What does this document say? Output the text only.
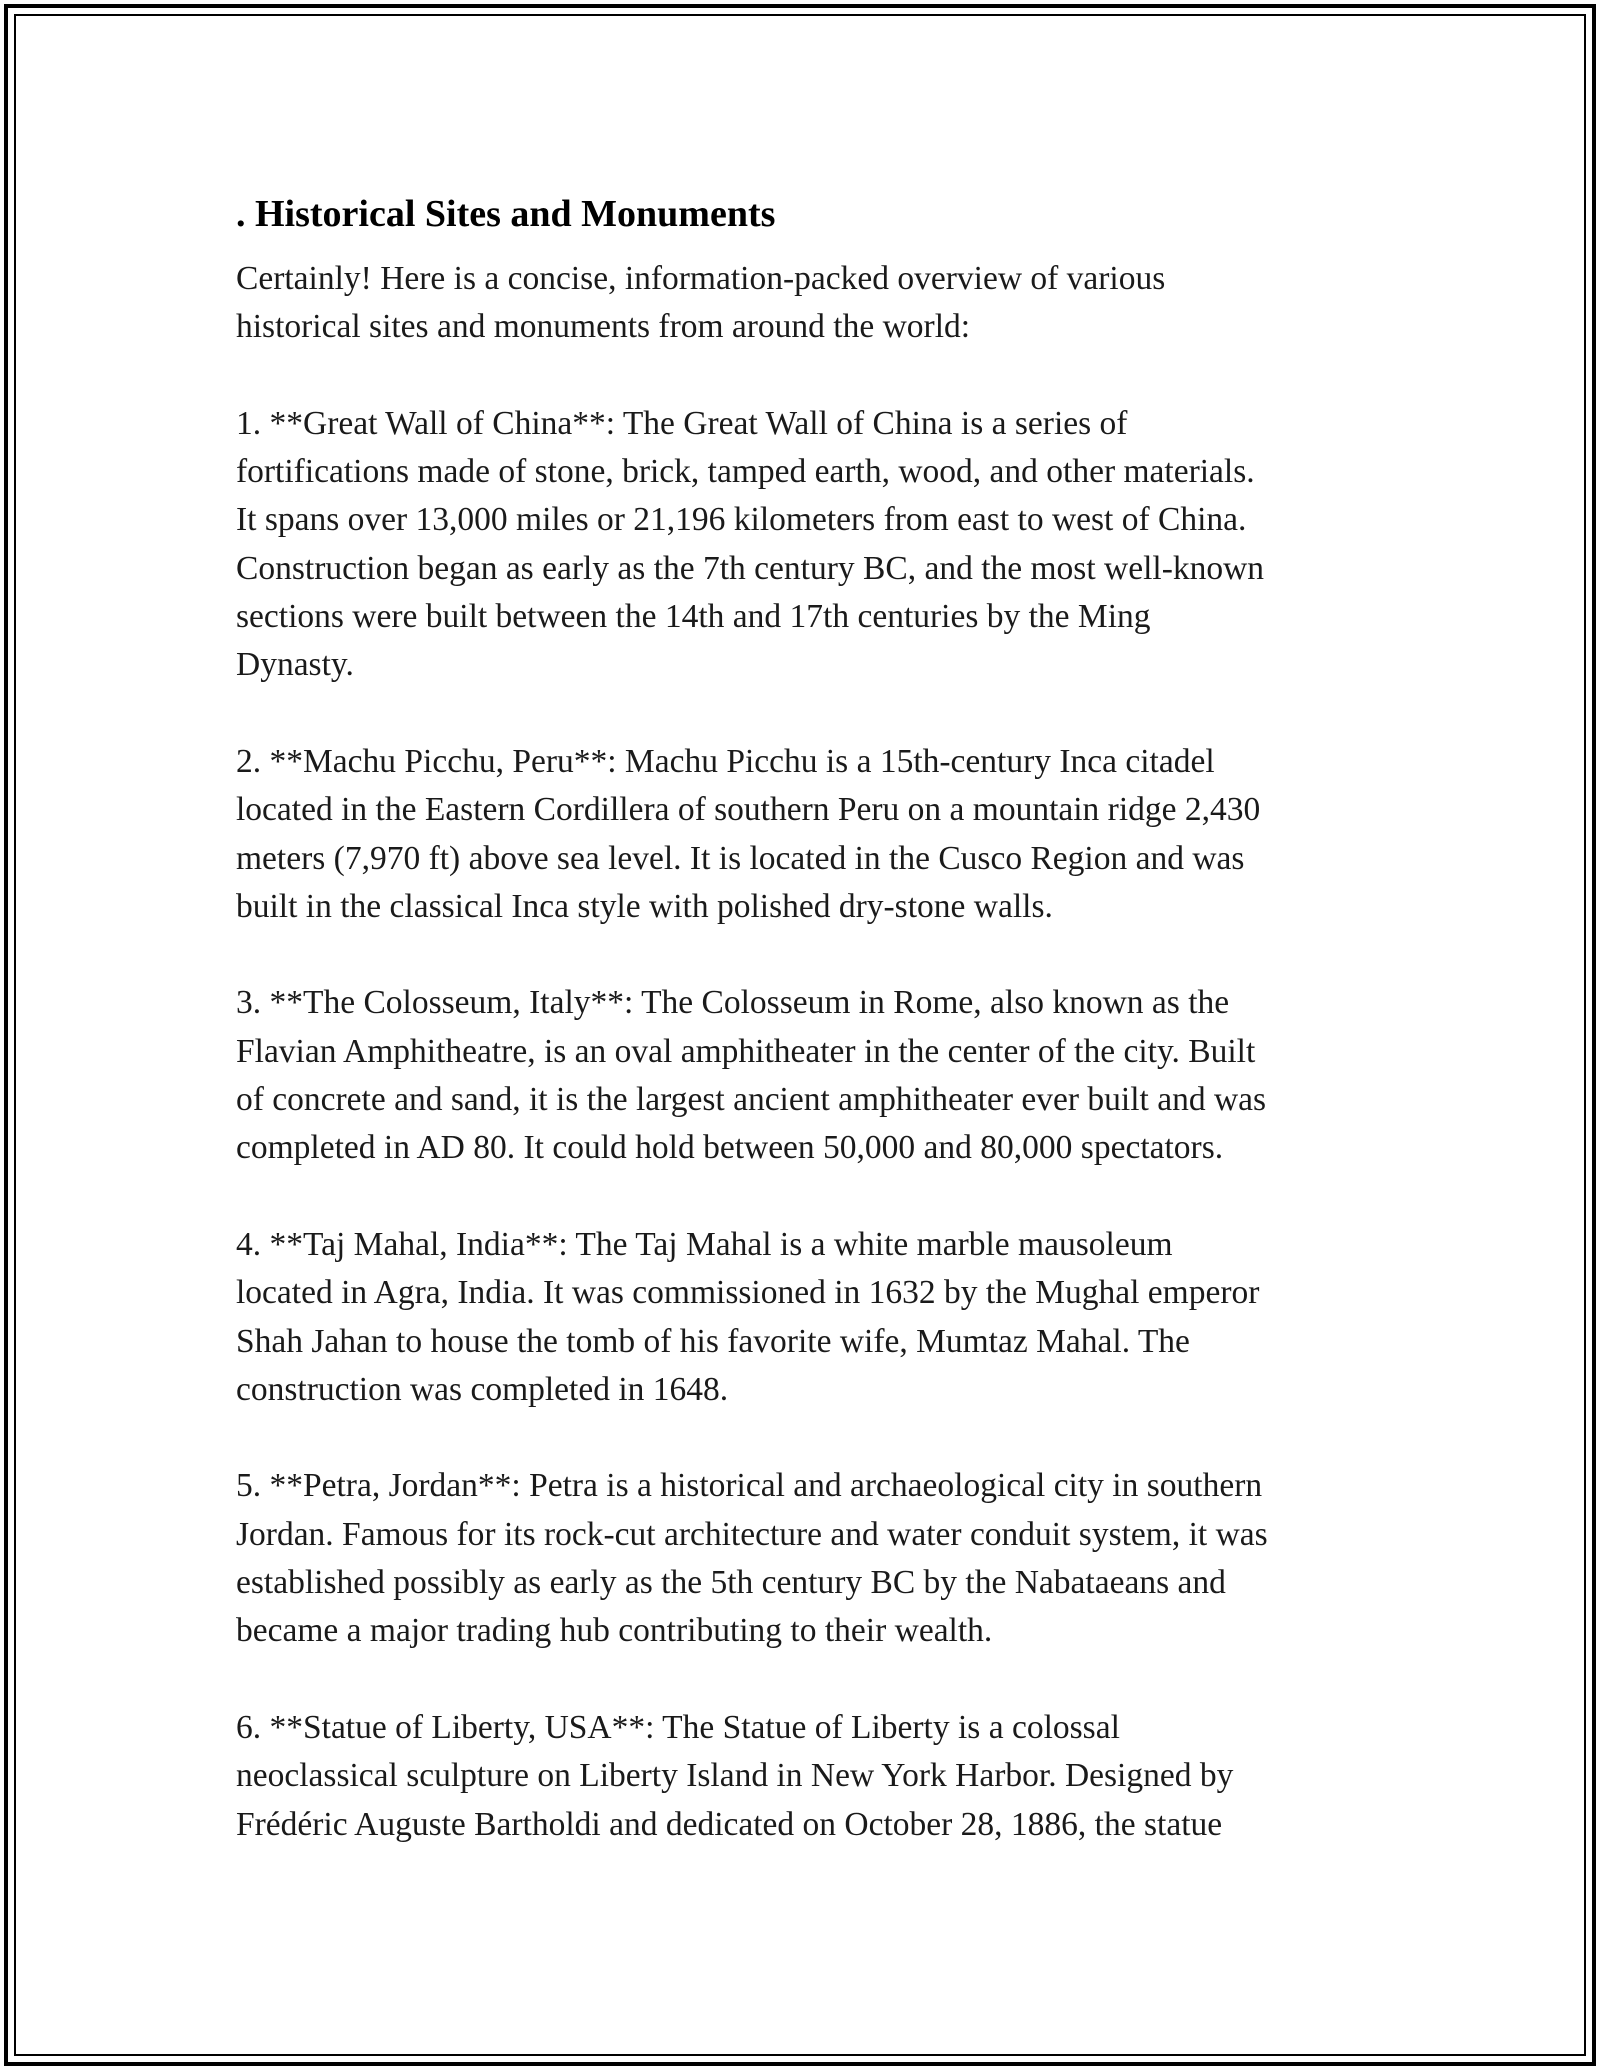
. Historical Sites and Monuments

Certainly! Here is a concise, information-packed overview of various
historical sites and monuments from around the world:

1. **Great Wall of China**: The Great Wall of China is a series of
fortifications made of stone, brick, tamped earth, wood, and other materials.
It spans over 13,000 miles or 21,196 kilometers from east to west of China.
Construction began as early as the 7th century BC, and the most well-known
sections were built between the 14th and 17th centuries by the Ming
Dynasty.

2. **Machu Picchu, Peru**: Machu Picchu is a 15th-century Inca citadel
located in the Eastern Cordillera of southern Peru on a mountain ridge 2,430
meters (7,970 ft) above sea level. It is located in the Cusco Region and was
built in the classical Inca style with polished dry-stone walls.

3. **The Colosseum, Italy**: The Colosseum in Rome, also known as the
Flavian Amphitheatre, is an oval amphitheater in the center of the city. Built
of concrete and sand, it is the largest ancient amphitheater ever built and was
completed in AD 80. It could hold between 50,000 and 80,000 spectators.

4. **Taj Mahal, India**: The Taj Mahal is a white marble mausoleum
located in Agra, India. It was commissioned in 1632 by the Mughal emperor
Shah Jahan to house the tomb of his favorite wife, Mumtaz Mahal. The
construction was completed in 1648.

5. **Petra, Jordan**: Petra is a historical and archaeological city in southern
Jordan. Famous for its rock-cut architecture and water conduit system, it was
established possibly as early as the 5th century BC by the Nabataeans and
became a major trading hub contributing to their wealth.

6. **Statue of Liberty, USA**: The Statue of Liberty is a colossal
neoclassical sculpture on Liberty Island in New York Harbor. Designed by
Frédéric Auguste Bartholdi and dedicated on October 28, 1886, the statue
